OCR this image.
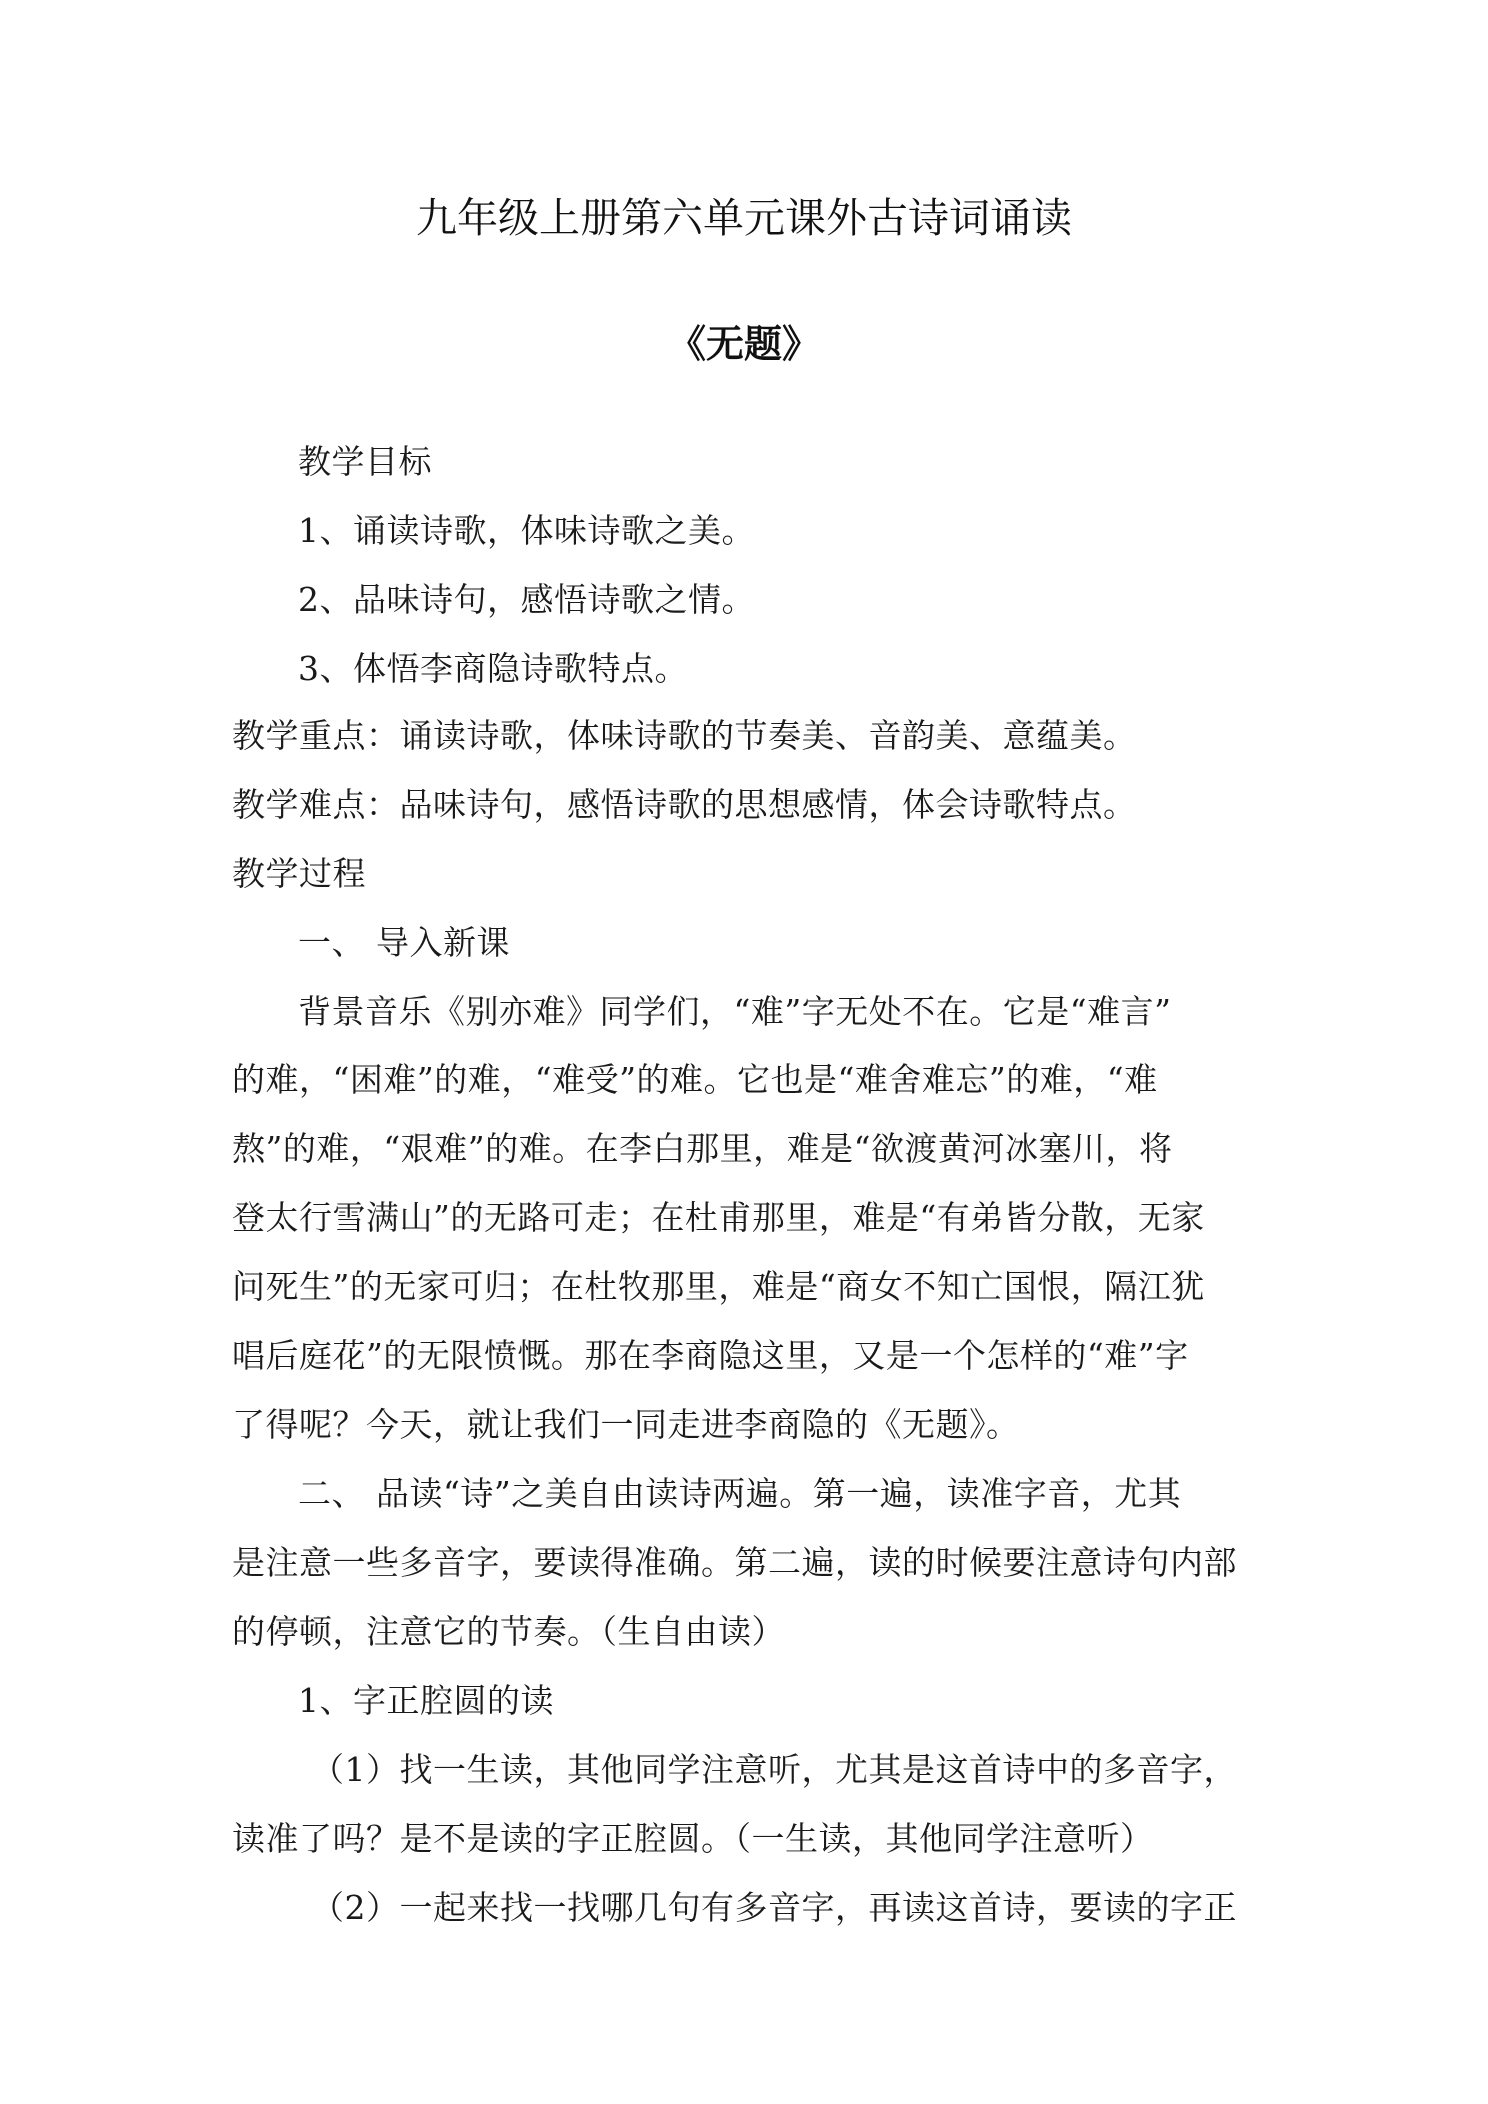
九年级上册第六单元课外古诗词诵读
《无题》
教学目标
1、诵读诗歌，体味诗歌之美。
2、品味诗句，感悟诗歌之情。
3、体悟李商隐诗歌特点。
教学重点：诵读诗歌，体味诗歌的节奏美、音韵美、意蕴美。
教学难点：品味诗句，感悟诗歌的思想感情，体会诗歌特点。
教学过程
一、 导入新课
背景音乐《别亦难》同学们，“难”字无处不在。它是“难言”
的难，“困难”的难，“难受”的难。它也是“难舍难忘”的难，“难
熬”的难，“艰难”的难。在李白那里，难是“欲渡黄河冰塞川，将
登太行雪满山”的无路可走；在杜甫那里，难是“有弟皆分散，无家
问死生”的无家可归；在杜牧那里，难是“商女不知亡国恨，隔江犹
唱后庭花”的无限愤慨。那在李商隐这里，又是一个怎样的“难”字
了得呢？今天，就让我们一同走进李商隐的《无题》。
二、 品读“诗”之美自由读诗两遍。第一遍，读准字音，尤其
是注意一些多音字，要读得准确。第二遍，读的时候要注意诗句内部
的停顿，注意它的节奏。（生自由读）
1、字正腔圆的读
（1）找一生读，其他同学注意听，尤其是这首诗中的多音字，
读准了吗？是不是读的字正腔圆。（一生读，其他同学注意听）
（2）一起来找一找哪几句有多音字，再读这首诗，要读的字正
